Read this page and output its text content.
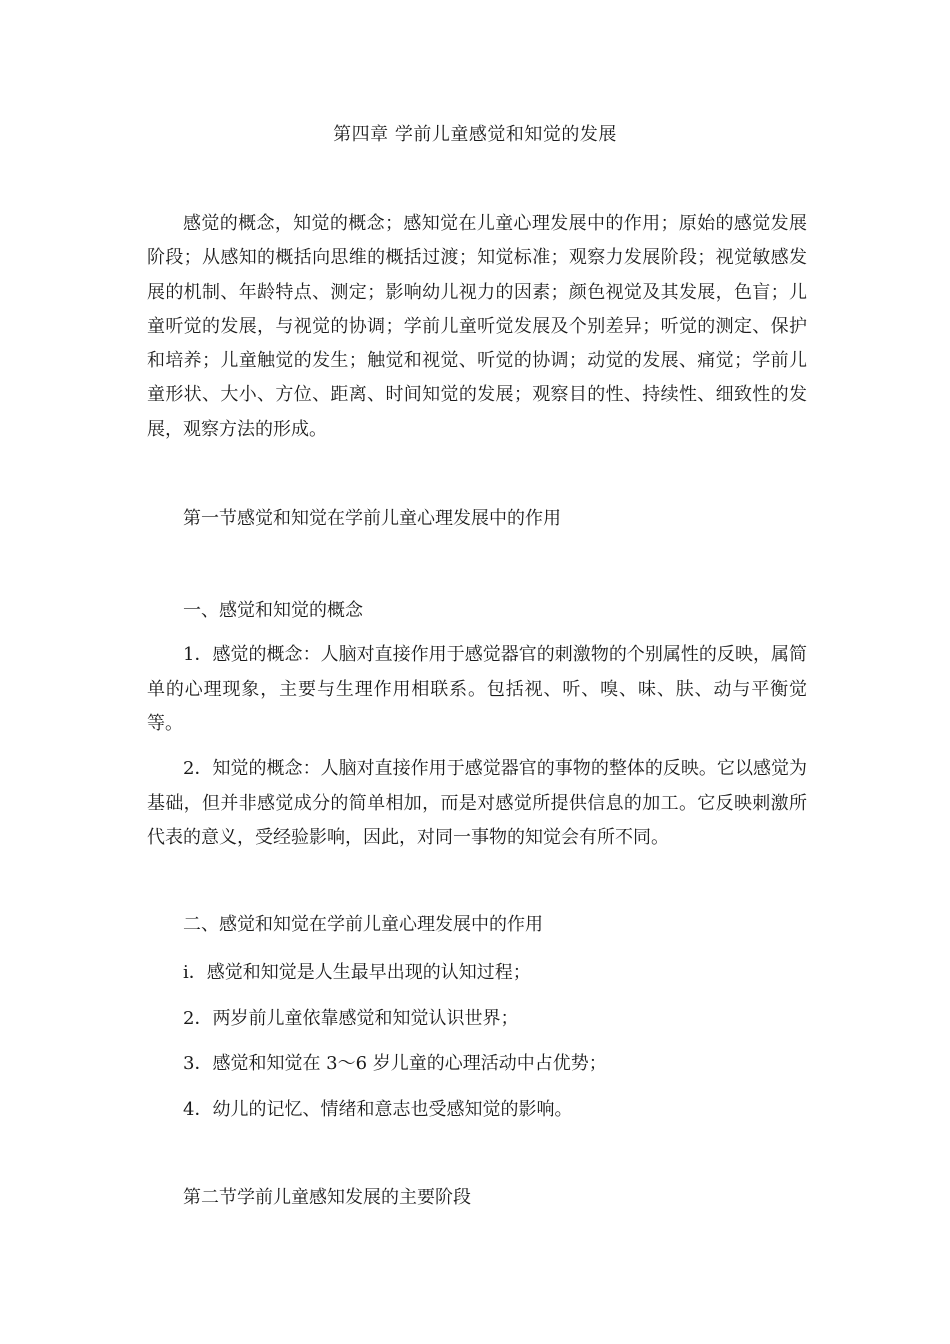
第四章 学前儿童感觉和知觉的发展

感觉的概念，知觉的概念；感知觉在儿童心理发展中的作用；原始的感觉发展阶段；从感知的概括向思维的概括过渡；知觉标准；观察力发展阶段；视觉敏感发展的机制、年龄特点、测定；影响幼儿视力的因素；颜色视觉及其发展，色盲；儿童听觉的发展，与视觉的协调；学前儿童听觉发展及个别差异；听觉的测定、保护和培养；儿童触觉的发生；触觉和视觉、听觉的协调；动觉的发展、痛觉；学前儿童形状、大小、方位、距离、时间知觉的发展；观察目的性、持续性、细致性的发展，观察方法的形成。

第一节感觉和知觉在学前儿童心理发展中的作用

一、感觉和知觉的概念

1．感觉的概念：人脑对直接作用于感觉器官的刺激物的个别属性的反映，属简单的心理现象，主要与生理作用相联系。包括视、听、嗅、味、肤、动与平衡觉等。

2．知觉的概念：人脑对直接作用于感觉器官的事物的整体的反映。它以感觉为基础，但并非感觉成分的简单相加，而是对感觉所提供信息的加工。它反映刺激所代表的意义，受经验影响，因此，对同一事物的知觉会有所不同。

二、感觉和知觉在学前儿童心理发展中的作用

i．感觉和知觉是人生最早出现的认知过程；

2．两岁前儿童依靠感觉和知觉认识世界；

3．感觉和知觉在 3～6 岁儿童的心理活动中占优势；

4．幼儿的记忆、情绪和意志也受感知觉的影响。

第二节学前儿童感知发展的主要阶段
